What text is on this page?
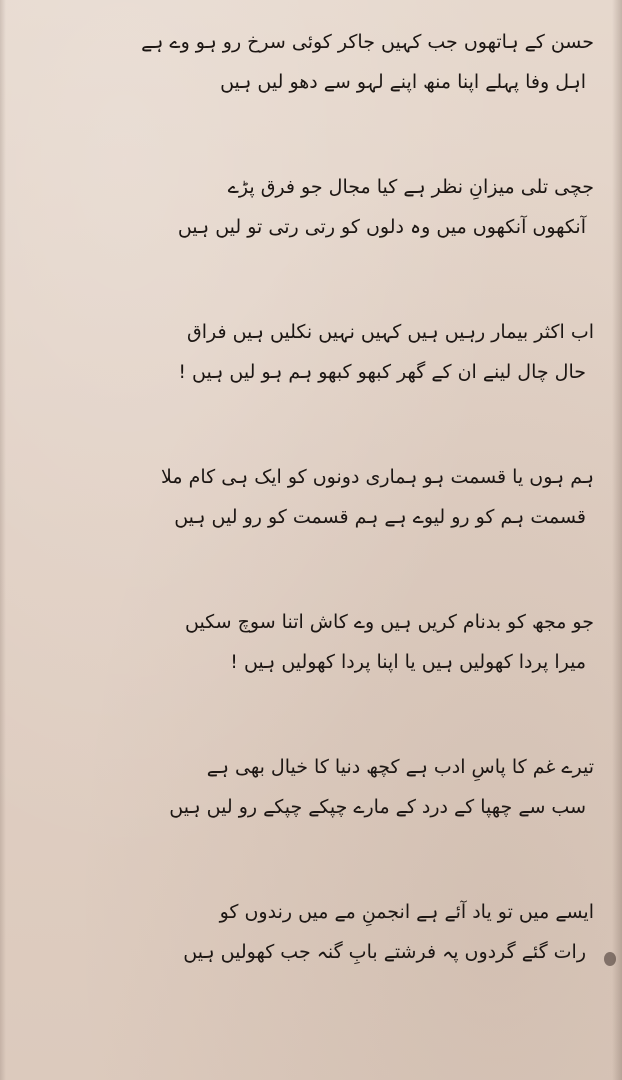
حسن کے ہاتھوں جب کہیں جاکر کوئی سرخ رو ہو وے ہے
اہل وفا پہلے اپنا منھ اپنے لہو سے دھو لیں ہیں
جچی تلی میزانِ نظر ہے کیا مجال جو فرق پڑے
آنکھوں آنکھوں میں وہ دلوں کو رتی رتی تو لیں ہیں
اب اکثر بیمار رہیں ہیں کہیں نہیں نکلیں ہیں فراق
حال چال لینے ان کے گھر کبھو کبھو ہم ہو لیں ہیں !
ہم ہوں یا قسمت ہو ہماری دونوں کو ایک ہی کام ملا
قسمت ہم کو رو لیوے ہے ہم قسمت کو رو لیں ہیں
جو مجھ کو بدنام کریں ہیں وے کاش اتنا سوچ سکیں
میرا پردا کھولیں ہیں یا اپنا پردا کھولیں ہیں !
تیرے غم کا پاسِ ادب ہے کچھ دنیا کا خیال بھی ہے
سب سے چھپا کے درد کے مارے چپکے چپکے رو لیں ہیں
ایسے میں تو یاد آئے ہے انجمنِ مے میں رندوں کو
رات گئے گردوں پہ فرشتے بابِ گنہ جب کھولیں ہیں
